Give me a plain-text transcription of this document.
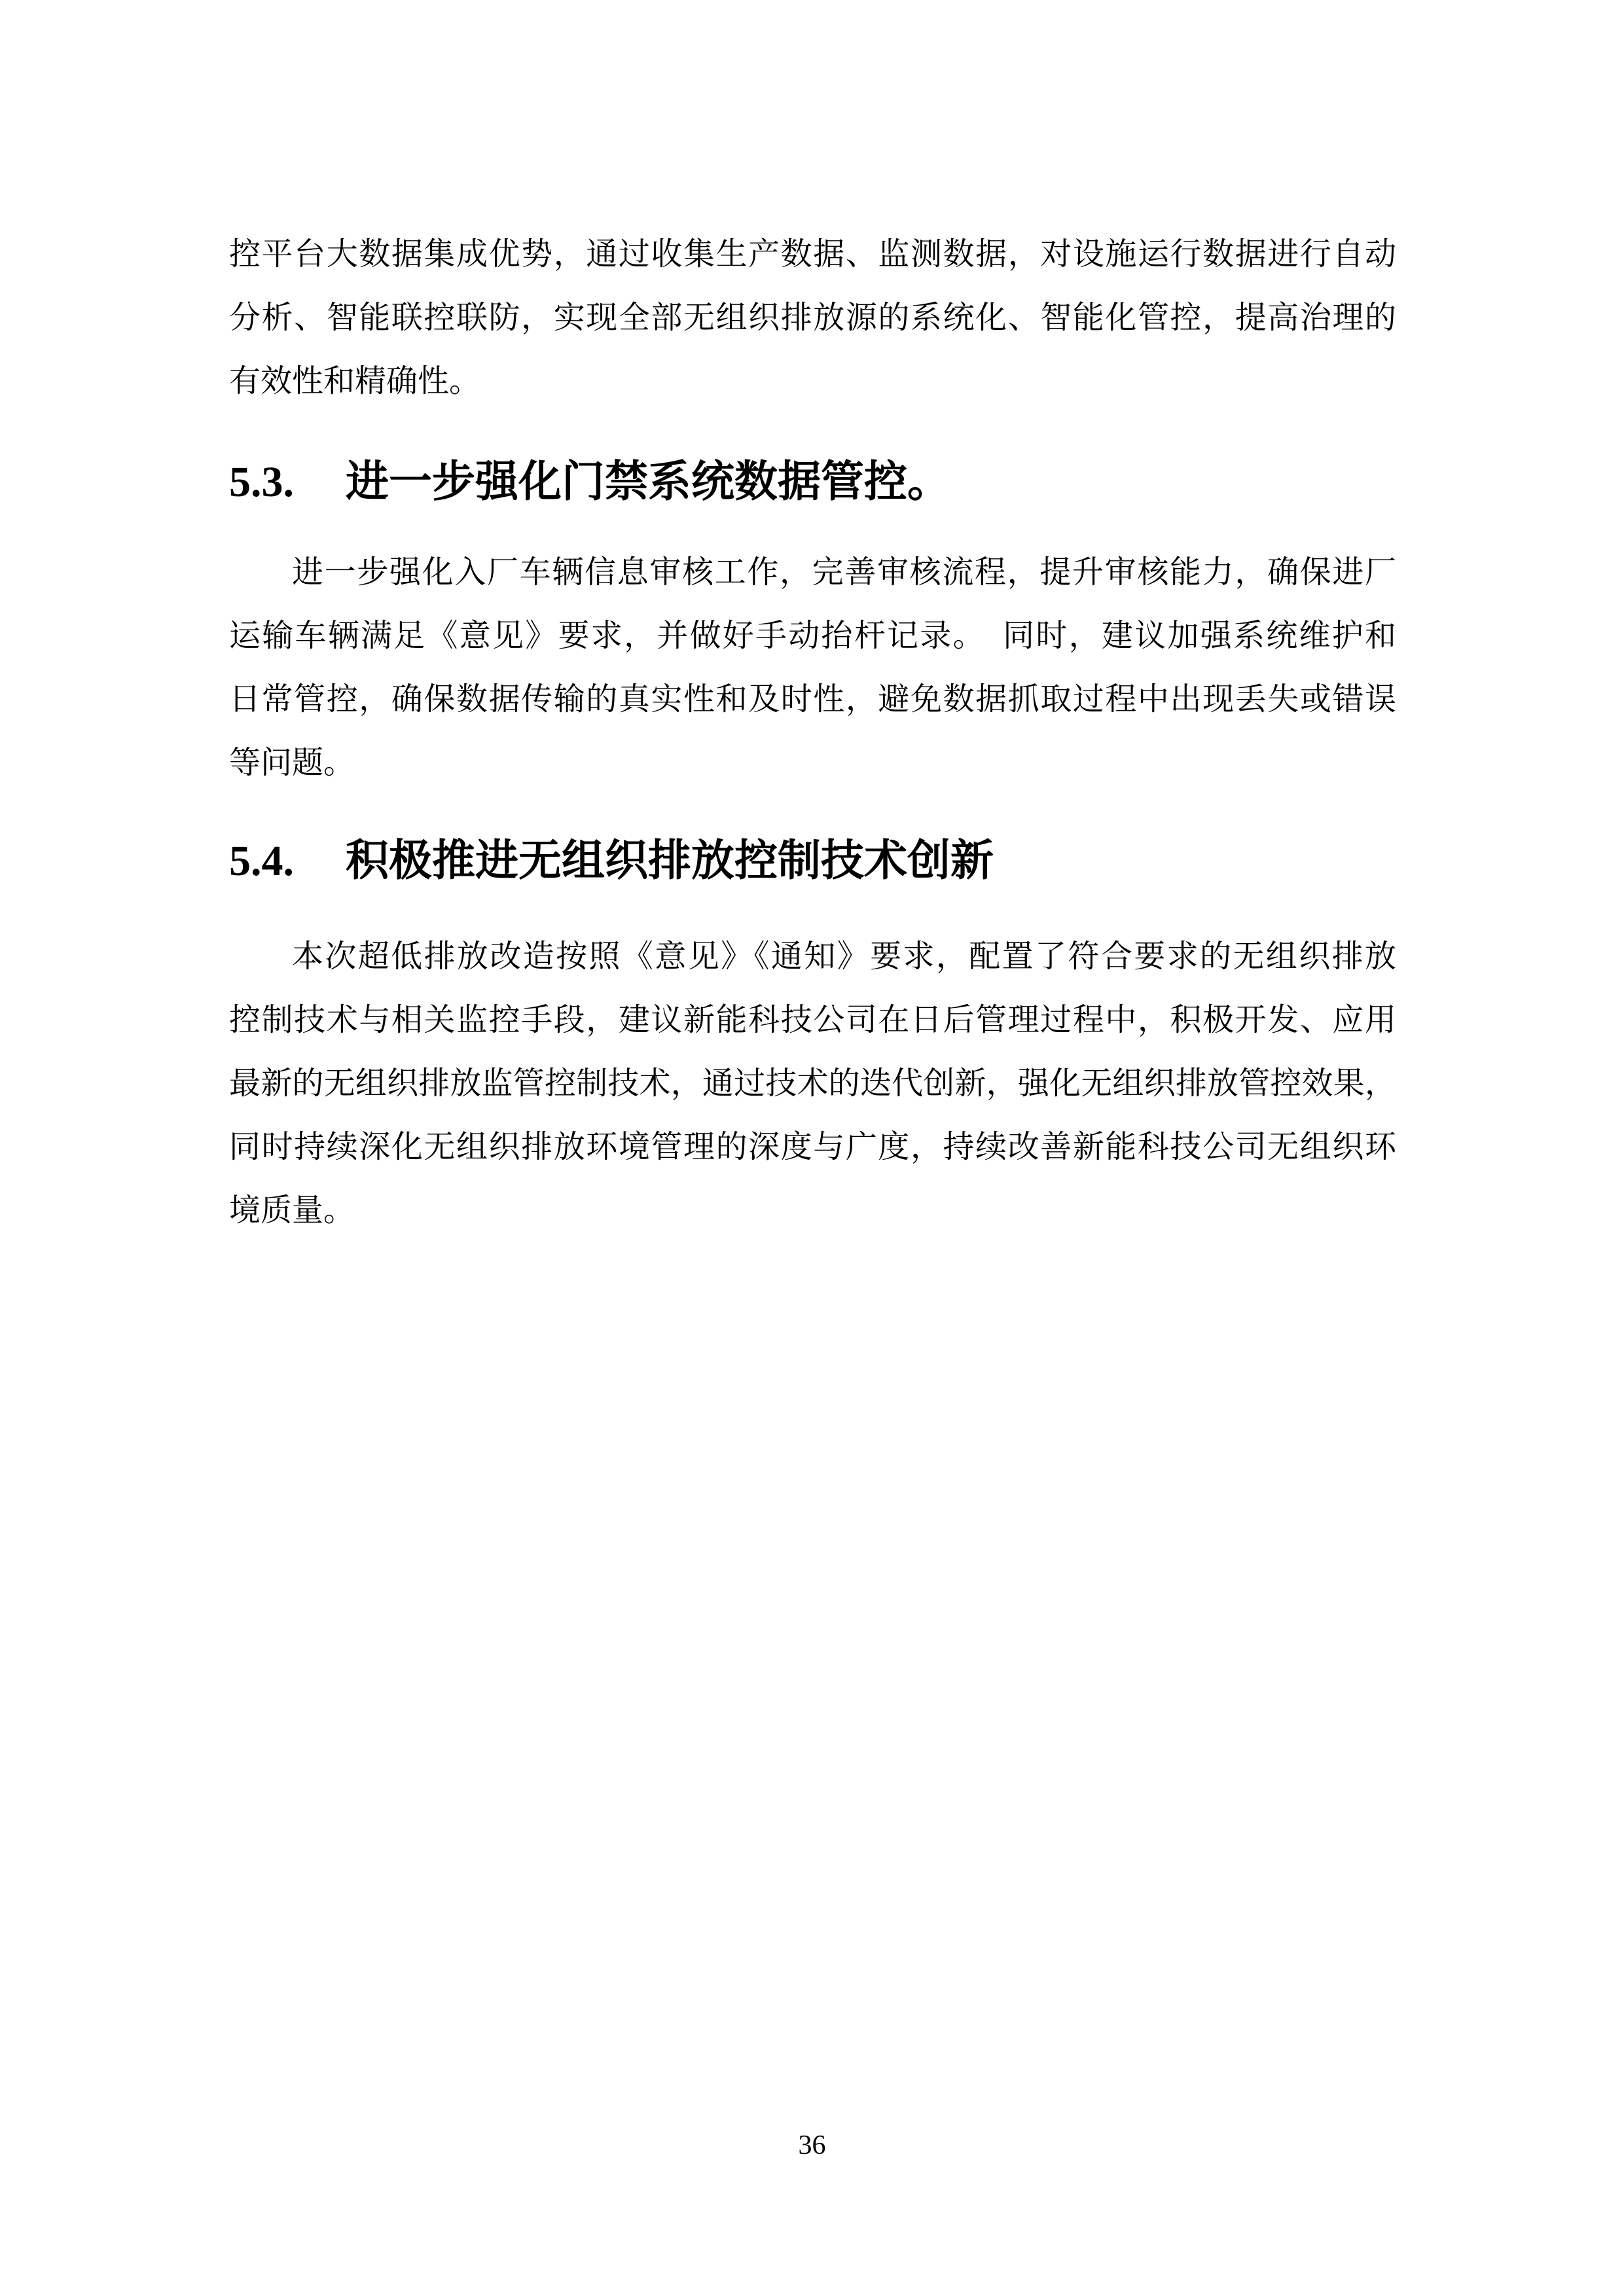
控平台大数据集成优势，通过收集生产数据、监测数据，对设施运行数据进行自动
分析、智能联控联防，实现全部无组织排放源的系统化、智能化管控，提高治理的
有效性和精确性。
5.3.	进一步强化门禁系统数据管控。
进一步强化入厂车辆信息审核工作，完善审核流程，提升审核能力，确保进厂
运输车辆满足《意见》要求，并做好手动抬杆记录。　同时，建议加强系统维护和
日常管控，确保数据传输的真实性和及时性，避免数据抓取过程中出现丢失或错误
等问题。
5.4.	积极推进无组织排放控制技术创新
本次超低排放改造按照《意见》《通知》要求，配置了符合要求的无组织排放
控制技术与相关监控手段，建议新能科技公司在日后管理过程中，积极开发、应用
最新的无组织排放监管控制技术，通过技术的迭代创新，强化无组织排放管控效果，
同时持续深化无组织排放环境管理的深度与广度，持续改善新能科技公司无组织环
境质量。
36
